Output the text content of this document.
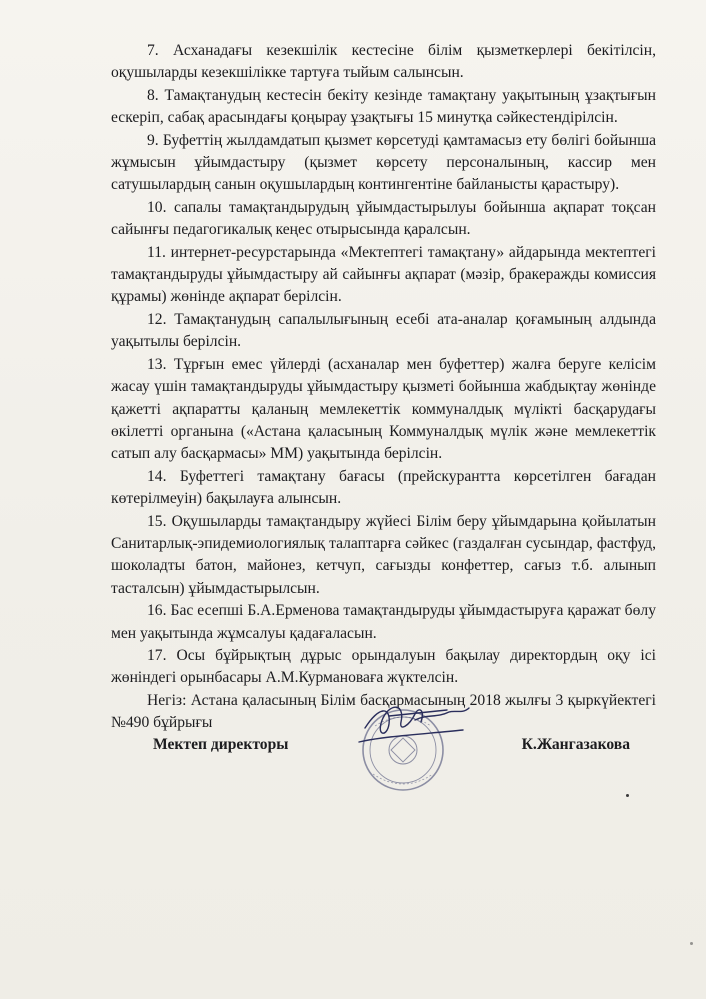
7. Асханадағы кезекшілік кестесіне білім қызметкерлері бекітілсін, оқушыларды кезекшілікке тартуға тыйым салынсын.

8. Тамақтанудың кестесін бекіту кезінде тамақтану уақытының ұзақтығын ескеріп, сабақ арасындағы қоңырау ұзақтығы 15 минутқа сәйкестендірілсін.

9. Буфеттің жылдамдатып қызмет көрсетуді қамтамасыз ету бөлігі бойынша жұмысын ұйымдастыру (қызмет көрсету персоналының, кассир мен сатушылардың санын оқушылардың контингентіне байланысты қарастыру).

10. сапалы тамақтандырудың ұйымдастырылуы бойынша ақпарат тоқсан сайынғы педагогикалық кеңес отырысында қаралсын.

11. интернет-ресурстарында «Мектептегі тамақтану» айдарында мектептегі тамақтандыруды ұйымдастыру ай сайынғы ақпарат (мәзір, бракеражды комиссия құрамы) жөнінде ақпарат берілсін.

12. Тамақтанудың сапалылығының есебі ата-аналар қоғамының алдында уақытылы берілсін.

13. Тұрғын емес үйлерді (асханалар мен буфеттер) жалға беруге келісім жасау үшін тамақтандыруды ұйымдастыру қызметі бойынша жабдықтау жөнінде қажетті ақпаратты қаланың мемлекеттік коммуналдық мүлікті басқарудағы өкілетті органына («Астана қаласының Коммуналдық мүлік және мемлекеттік сатып алу басқармасы» ММ) уақытында берілсін.

14. Буфеттегі тамақтану бағасы (прейскурантта көрсетілген бағадан көтерілмеуін) бақылауға алынсын.

15. Оқушыларды тамақтандыру жүйесі Білім беру ұйымдарына қойылатын Санитарлық-эпидемиологиялық талаптарға сәйкес (газдалған сусындар, фастфуд, шоколадты батон, майонез, кетчуп, сағызды конфеттер, сағыз т.б. алынып тасталсын) ұйымдастырылсын.

16. Бас есепші Б.А.Ерменова тамақтандыруды ұйымдастыруға қаражат бөлу мен уақытында жұмсалуы қадағаласын.

17. Осы бұйрықтың дұрыс орындалуын бақылау директордың оқу ісі жөніндегі орынбасары А.М.Курмановаға жүктелсін.

Негіз: Астана қаласының Білім басқармасының 2018 жылғы 3 қыркүйектегі №490 бұйрығы

Мектеп директоры	К.Жангазакова
